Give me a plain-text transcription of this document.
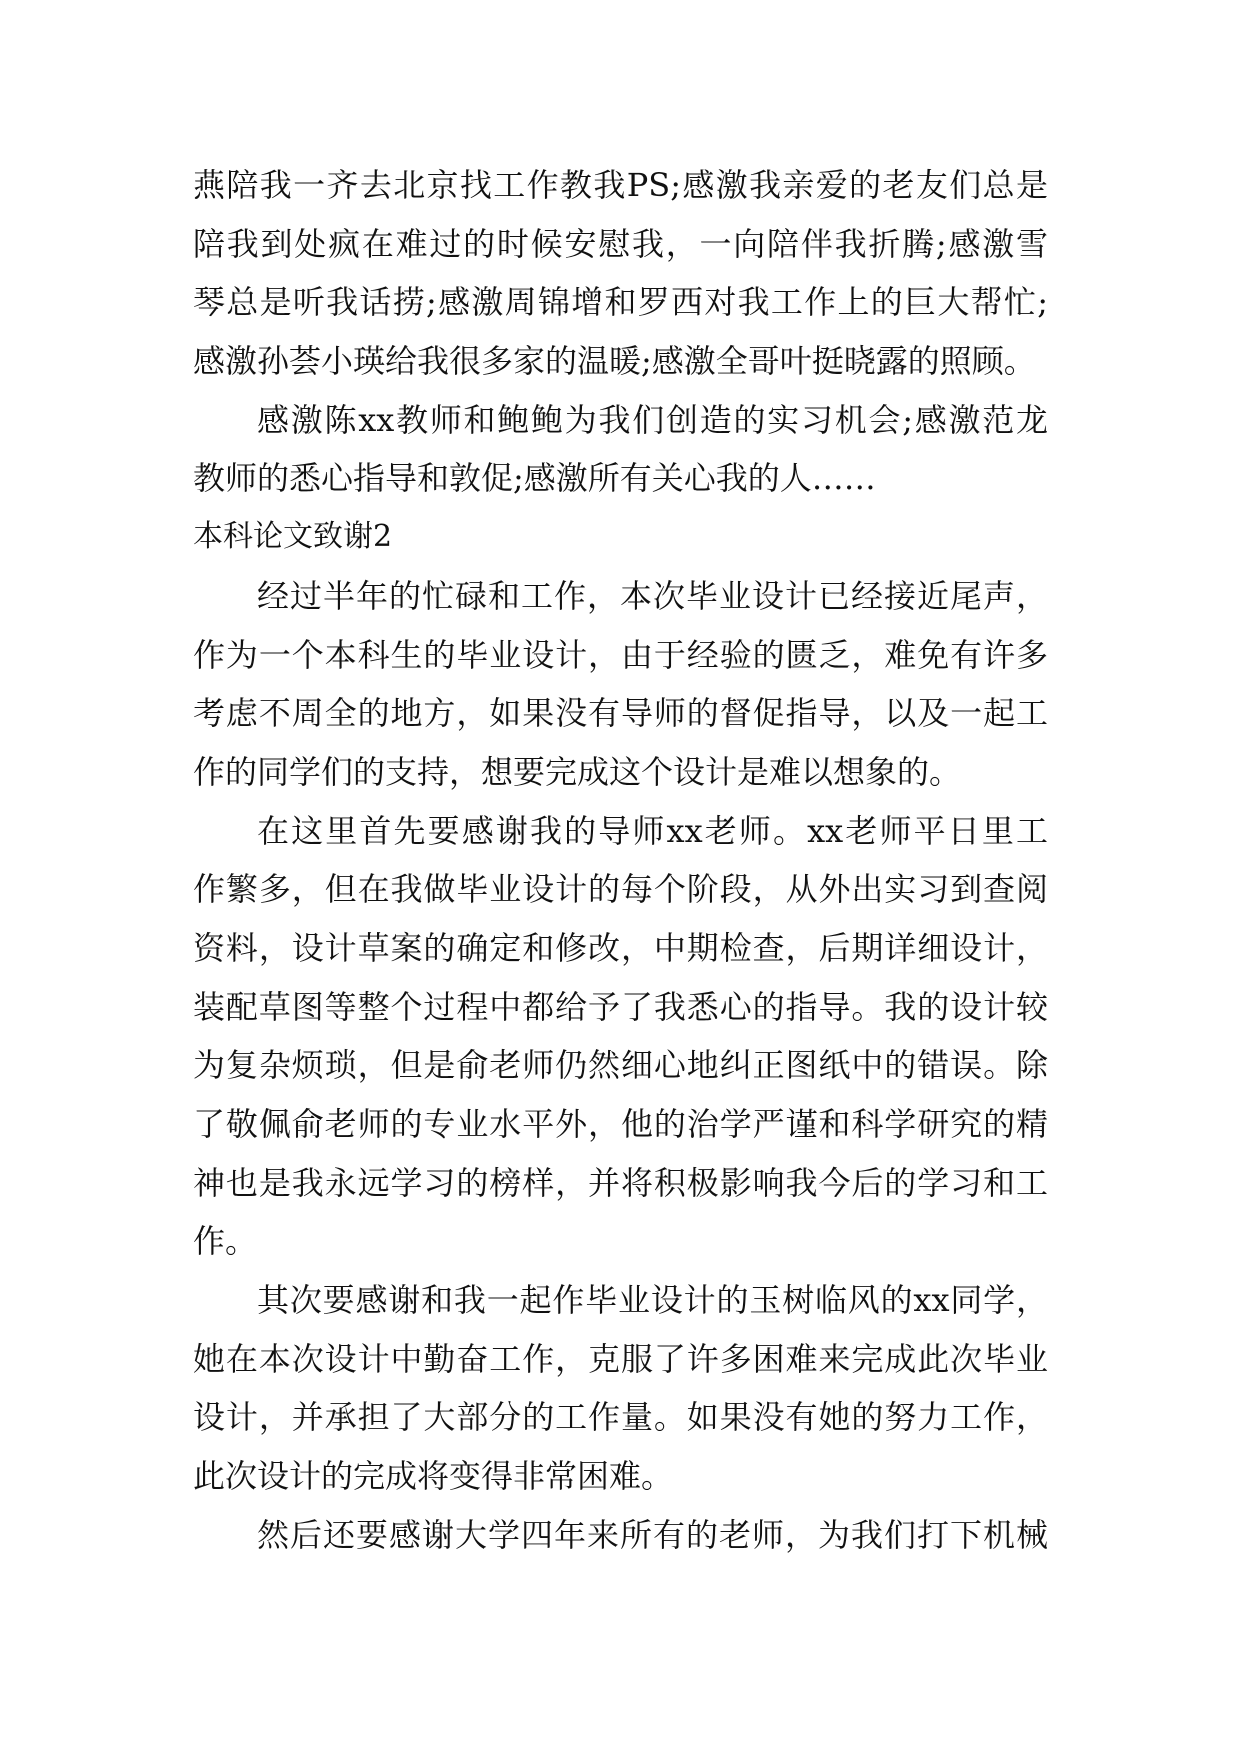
燕陪我一齐去北京找工作教我PS;感激我亲爱的老友们总是
陪我到处疯在难过的时候安慰我，一向陪伴我折腾;感激雪
琴总是听我话捞;感激周锦增和罗西对我工作上的巨大帮忙;
感激孙荟小瑛给我很多家的温暖;感激全哥叶挺晓露的照顾。
感激陈xx教师和鲍鲍为我们创造的实习机会;感激范龙
教师的悉心指导和敦促;感激所有关心我的人……
本科论文致谢2
经过半年的忙碌和工作，本次毕业设计已经接近尾声，
作为一个本科生的毕业设计，由于经验的匮乏，难免有许多
考虑不周全的地方，如果没有导师的督促指导，以及一起工
作的同学们的支持，想要完成这个设计是难以想象的。
在这里首先要感谢我的导师xx老师。xx老师平日里工
作繁多，但在我做毕业设计的每个阶段，从外出实习到查阅
资料，设计草案的确定和修改，中期检查，后期详细设计，
装配草图等整个过程中都给予了我悉心的指导。我的设计较
为复杂烦琐，但是俞老师仍然细心地纠正图纸中的错误。除
了敬佩俞老师的专业水平外，他的治学严谨和科学研究的精
神也是我永远学习的榜样，并将积极影响我今后的学习和工
作。
其次要感谢和我一起作毕业设计的玉树临风的xx同学，
她在本次设计中勤奋工作，克服了许多困难来完成此次毕业
设计，并承担了大部分的工作量。如果没有她的努力工作，
此次设计的完成将变得非常困难。
然后还要感谢大学四年来所有的老师，为我们打下机械
